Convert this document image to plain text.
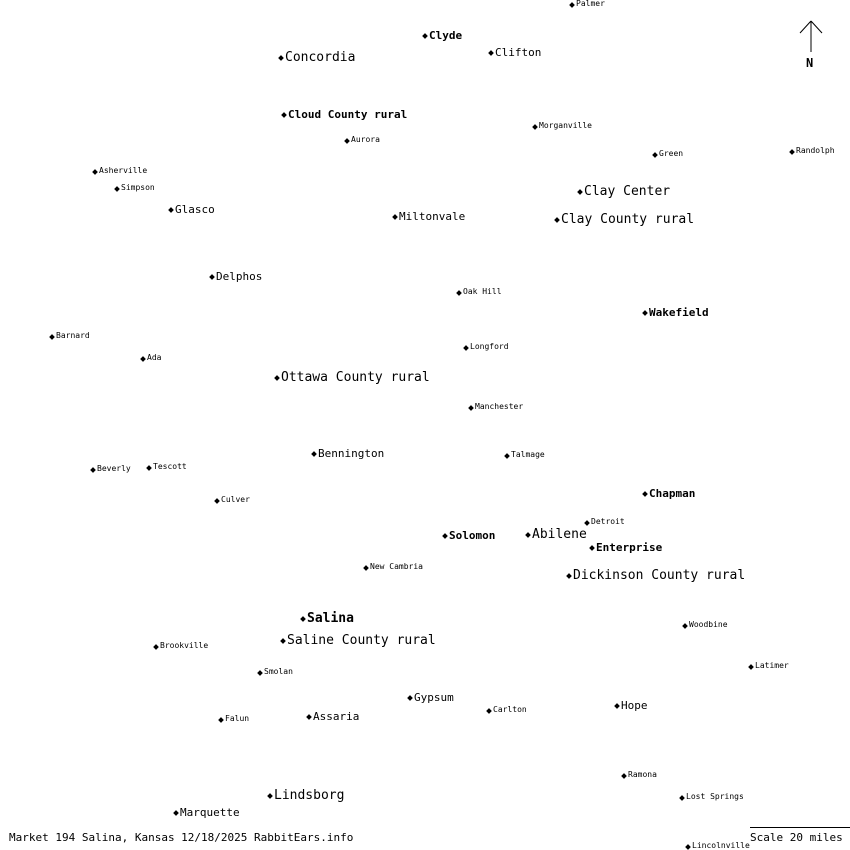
Palmer
Clyde
Clifton
Concordia
Cloud County rural
Aurora
Morganville
Green	Randolph
Asherville
Simpson	Clay Center
Glasco
Miltonvale	Clay County rural
Delphos
Oak Hill
Wakefield
Barnard
Longford
Ada
Ottawa County rural
Manchester
Bennington	Talmage
Beverly	Tescott
Chapman
Culver
Detroit
Solomon	Abilene
Enterprise
New Cambria
Dickinson County rural
Salina	Woodbine
Saline County rural
Brookville
Latimer
Smolan
Gypsum
Hope
Carlton
Assaria
Falun
Ramona
Lindsborg	Lost Springs
Marquette
Lincolnville
N
Market 194 Salina, Kansas 12/18/2025 RabbitEars.info	Scale 20 miles
